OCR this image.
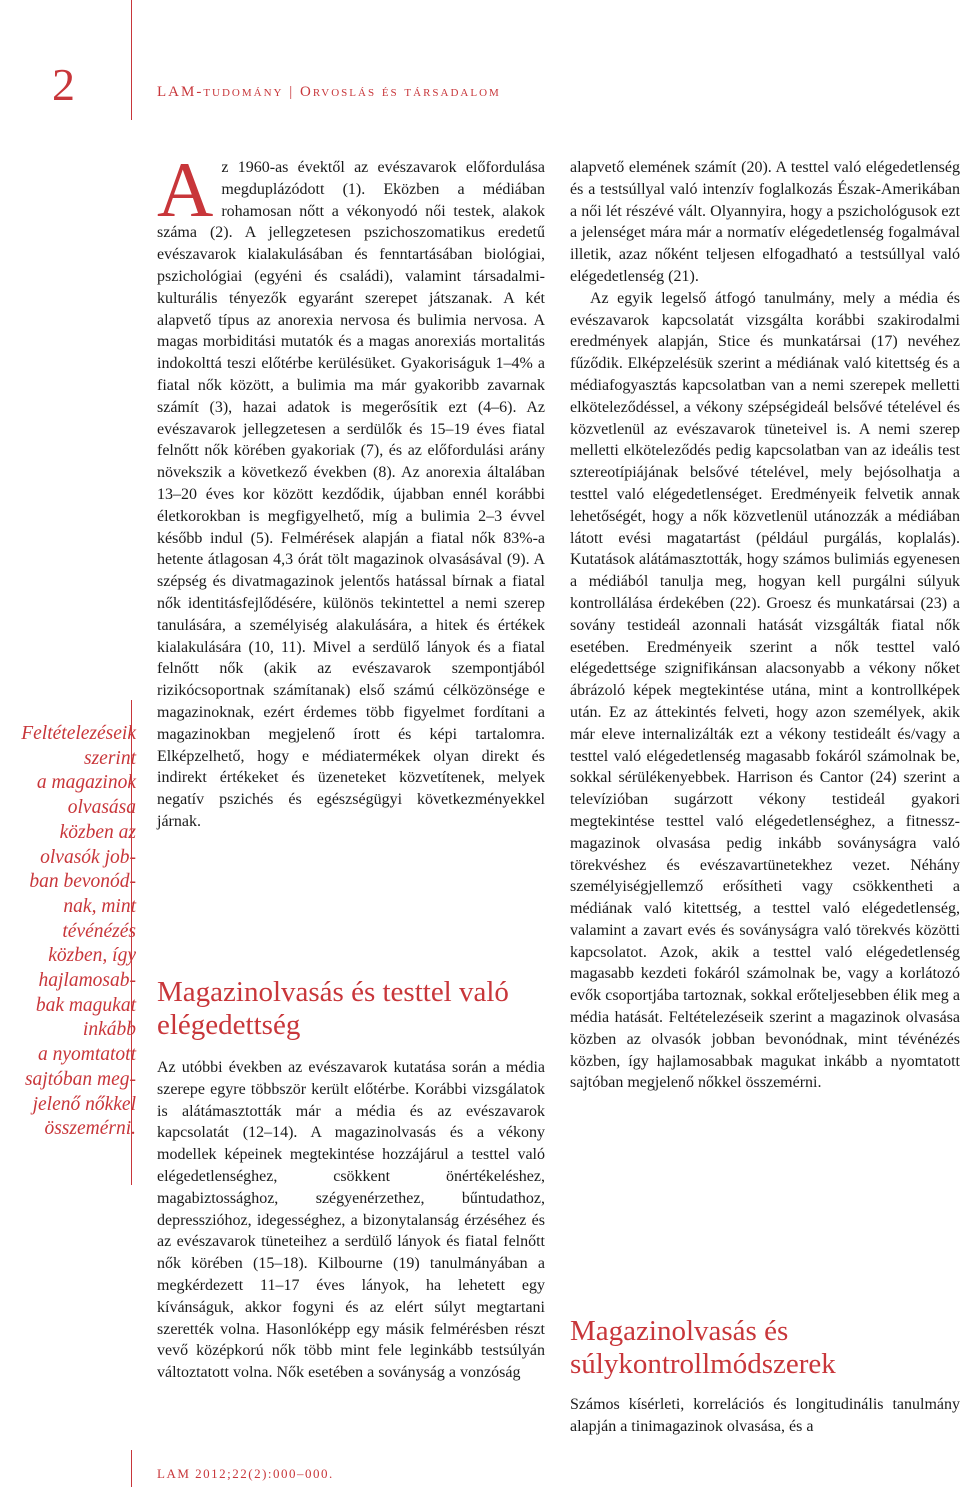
2	LAM-tudomány | Orvoslás és társadalom
Feltételezéseik
szerint
a magazinok
olvasása
közben az
olvasók job-
ban bevonód-
nak, mint
tévénézés
közben, így
hajlamosab-
bak magukat
inkább
a nyomtatott
sajtóban meg-
jelenő nőkkel
összemérni.

Az 1960-as évektől az evészavarok előfordulása megduplázódott (1). Eközben a médiában rohamosan nőtt a vékonyodó női testek, alakok száma (2). A jellegzetesen pszichoszomatikus eredetű evészavarok kialakulásában és fenntartásában biológiai, pszichológiai (egyéni és családi), valamint társadalmi-kulturális tényezők egyaránt szerepet játszanak. A két alapvető típus az anorexia nervosa és bulimia nervosa. A magas morbiditási mutatók és a magas anorexiás mortalitás indokolttá teszi előtérbe kerülésüket. Gyakoriságuk 1–4% a fiatal nők között, a bulimia ma már gyakoribb zavarnak számít (3), hazai adatok is megerősítik ezt (4–6). Az evészavarok jellegzetesen a serdülők és 15–19 éves fiatal felnőtt nők körében gyakoriak (7), és az előfordulási arány növekszik a következő években (8). Az anorexia általában 13–20 éves kor között kezdődik, újabban ennél korábbi életkorokban is megfigyelhető, míg a bulimia 2–3 évvel később indul (5). Felmérések alapján a fiatal nők 83%-a hetente átlagosan 4,3 órát tölt magazinok olvasásával (9). A szépség és divatmagazinok jelentős hatással bírnak a fiatal nők identitásfejlődésére, különös tekintettel a nemi szerep tanulására, a személyiség alakulására, a hitek és értékek kialakulására (10, 11). Mivel a serdülő lányok és a fiatal felnőtt nők (akik az evészavarok szempontjából rizikócsoportnak számítanak) első számú célközönsége e magazinoknak, ezért érdemes több figyelmet fordítani a magazinokban megjelenő írott és képi tartalomra. Elképzelhető, hogy e médiatermékek olyan direkt és indirekt értékeket és üzeneteket közvetítenek, melyek negatív pszichés és egészségügyi következményekkel járnak.

Magazinolvasás és testtel való elégedettség

Az utóbbi években az evészavarok kutatása során a média szerepe egyre többször került előtérbe. Korábbi vizsgálatok is alátámasztották már a média és az evészavarok kapcsolatát (12–14). A magazinolvasás és a vékony modellek képeinek megtekintése hozzájárul a testtel való elégedetlenséghez, csökkent önértékeléshez, magabiztossághoz, szégyenérzethez, bűntudathoz, depresszióhoz, idegességhez, a bizonytalanság érzéséhez és az evészavarok tüneteihez a serdülő lányok és fiatal felnőtt nők körében (15–18). Kilbourne (19) tanulmányában a megkérdezett 11–17 éves lányok, ha lehetett egy kívánságuk, akkor fogyni és az elért súlyt megtartani szerették volna. Hasonlóképp egy másik felmérésben részt vevő középkorú nők több mint fele leginkább testsúlyán változtatott volna. Nők esetében a soványság a vonzóság

alapvető elemének számít (20). A testtel való elégedetlenség és a testsúllyal való intenzív foglalkozás Észak-Amerikában a női lét részévé vált. Olyannyira, hogy a pszichológusok ezt a jelenséget mára már a normatív elégedetlenség fogalmával illetik, azaz nőként teljesen elfogadható a testsúllyal való elégedetlenség (21).

Az egyik legelső átfogó tanulmány, mely a média és evészavarok kapcsolatát vizsgálta korábbi szakirodalmi eredmények alapján, Stice és munkatársai (17) nevéhez fűződik. Elképzelésük szerint a médiának való kitettség és a médiafogyasztás kapcsolatban van a nemi szerepek melletti elköteleződéssel, a vékony szépségideál belsővé tételével és közvetlenül az evészavarok tüneteivel is. A nemi szerep melletti elköteleződés pedig kapcsolatban van az ideális test sztereotípiájának belsővé tételével, mely bejósolhatja a testtel való elégedetlenséget. Eredményeik felvetik annak lehetőségét, hogy a nők közvetlenül utánozzák a médiában látott evési magatartást (például purgálás, koplalás). Kutatások alátámasztották, hogy számos bulimiás egyenesen a médiából tanulja meg, hogyan kell purgálni súlyuk kontrollálása érdekében (22). Groesz és munkatársai (23) a sovány testideál azonnali hatását vizsgálták fiatal nők esetében. Eredményeik szerint a nők testtel való elégedettsége szignifikánsan alacsonyabb a vékony nőket ábrázoló képek megtekintése utána, mint a kontrollképek után. Ez az áttekintés felveti, hogy azon személyek, akik már eleve internalizálták ezt a vékony testideált és/vagy a testtel való elégedetlenség magasabb fokáról számolnak be, sokkal sérülékenyebbek. Harrison és Cantor (24) szerint a televízióban sugárzott vékony testideál gyakori megtekintése testtel való elégedetlenséghez, a fitnessz-magazinok olvasása pedig inkább soványságra való törekvéshez és evészavartünetekhez vezet. Néhány személyiségjellemző erősítheti vagy csökkentheti a médiának való kitettség, a testtel való elégedetlenség, valamint a zavart evés és soványságra való törekvés közötti kapcsolatot. Azok, akik a testtel való elégedetlenség magasabb kezdeti fokáról számolnak be, vagy a korlátozó evők csoportjába tartoznak, sokkal erőteljesebben élik meg a média hatását. Feltételezéseik szerint a magazinok olvasása közben az olvasók jobban bevonódnak, mint tévénézés közben, így hajlamosabbak magukat inkább a nyomtatott sajtóban megjelenő nőkkel összemérni.

Magazinolvasás és súlykontrollmódszerek

Számos kísérleti, korrelációs és longitudinális tanulmány alapján a tinimagazinok olvasása, és a

LAM 2012;22(2):000–000.
